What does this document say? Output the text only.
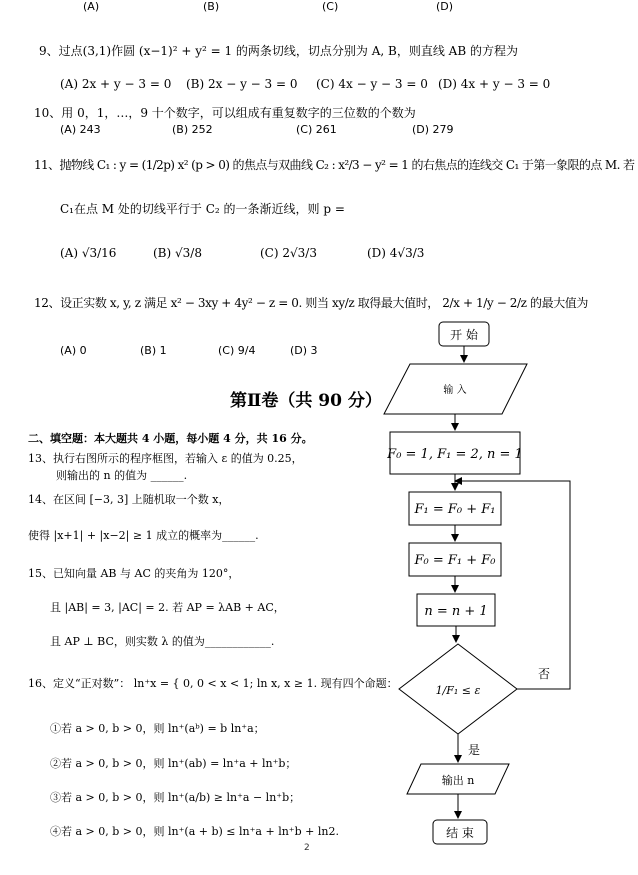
(A)	(B)	(C)	(D)
9、过点(3,1)作圆 (x−1)² + y² = 1 的两条切线，切点分别为 A, B，则直线 AB 的方程为
(A) 2x + y − 3 = 0 (B) 2x − y − 3 = 0 (C) 4x − y − 3 = 0 (D) 4x + y − 3 = 0
10、用 0，1，…，9 十个数字，可以组成有重复数字的三位数的个数为
(A) 243	(B) 252	(C) 261	(D) 279
11、抛物线 C₁ : y = (1/2p) x² (p > 0) 的焦点与双曲线 C₂ : x²/3 − y² = 1 的右焦点的连线交 C₁ 于第一象限的点 M. 若
C₁在点 M 处的切线平行于 C₂ 的一条渐近线，则 p =
(A) √3/16	(B) √3/8	(C) 2√3/3	(D) 4√3/3
12、设正实数 x, y, z 满足 x² − 3xy + 4y² − z = 0. 则当 xy/z 取得最大值时， 2/x + 1/y − 2/z 的最大值为
(A) 0	(B) 1	(C) 9/4	(D) 3
第Ⅱ卷（共 90 分）
二、填空题：本大题共 4 小题，每小题 4 分，共 16 分。
13、执行右图所示的程序框图，若输入 ε 的值为 0.25，
则输出的 n 的值为 ______.
14、在区间 [−3, 3] 上随机取一个数 x，
使得 |x+1| + |x−2| ≥ 1 成立的概率为______.
15、已知向量 AB 与 AC 的夹角为 120°，
且 |AB| = 3, |AC| = 2. 若 AP = λAB + AC，
且 AP ⊥ BC，则实数 λ 的值为____________.
16、定义“正对数”： ln⁺x = { 0, 0 < x < 1; ln x, x ≥ 1. 现有四个命题：
①若 a > 0, b > 0，则 ln⁺(aᵇ) = b ln⁺a；
②若 a > 0, b > 0，则 ln⁺(ab) = ln⁺a + ln⁺b；
③若 a > 0, b > 0，则 ln⁺(a/b) ≥ ln⁺a − ln⁺b；
④若 a > 0, b > 0，则 ln⁺(a + b) ≤ ln⁺a + ln⁺b + ln2.
开 始
输 入
F₀ = 1, F₁ = 2, n = 1
F₁ = F₀ + F₁
F₀ = F₁ + F₀
n = n + 1
1/F₁ ≤ ε
否
是
输出 n
结 束
2
